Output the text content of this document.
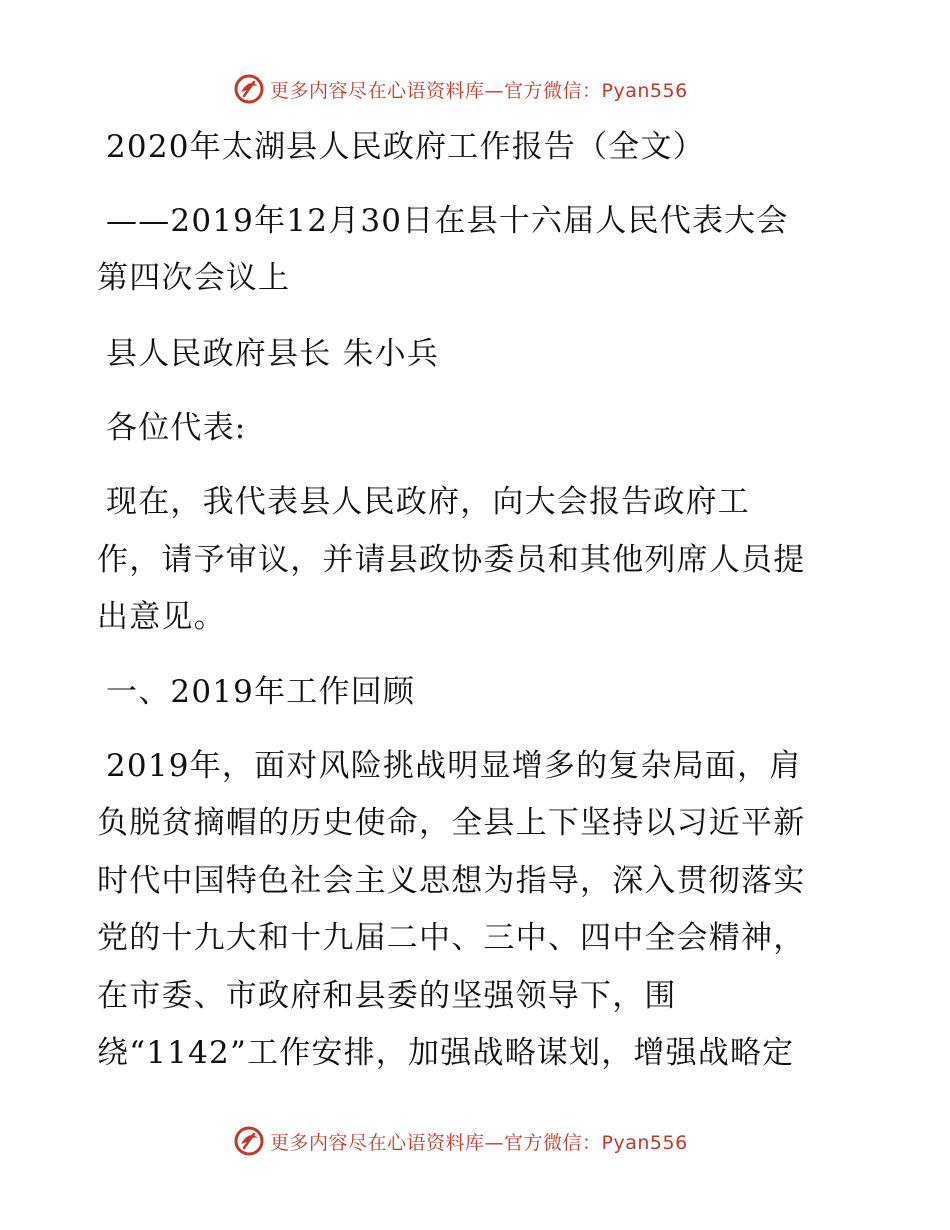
更多内容尽在心语资料库—官方微信：Pyan556
2020年太湖县人民政府工作报告（全文）
——2019年12月30日在县十六届人民代表大会
第四次会议上
县人民政府县长 朱小兵
各位代表:
现在，我代表县人民政府，向大会报告政府工
作，请予审议，并请县政协委员和其他列席人员提
出意见。
一、2019年工作回顾
2019年，面对风险挑战明显增多的复杂局面，肩
负脱贫摘帽的历史使命，全县上下坚持以习近平新
时代中国特色社会主义思想为指导，深入贯彻落实
党的十九大和十九届二中、三中、四中全会精神，
在市委、市政府和县委的坚强领导下，围
绕“1142”工作安排，加强战略谋划，增强战略定
更多内容尽在心语资料库—官方微信：Pyan556
